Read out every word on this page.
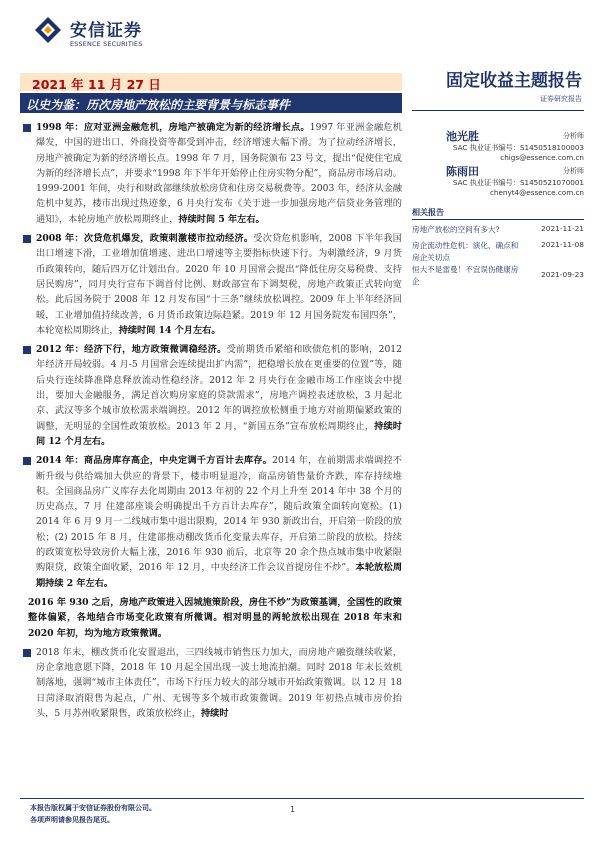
安信证券
ESSENCE SECURITIES
2021 年 11 月 27 日
以史为鉴：历次房地产放松的主要背景与标志事件
固定收益主题报告
证券研究报告
1998 年：应对亚洲金融危机，房地产被确定为新的经济增长点。1997 年亚洲金融危机爆发，中国的进出口、外商投资等都受到冲击，经济增速大幅下滑。为了拉动经济增长，房地产被确定为新的经济增长点。1998 年 7 月，国务院颁布 23 号文，提出“促使住宅成为新的经济增长点”，并要求“1998 年下半年开始停止住房实物分配”，商品房市场启动。1999-2001 年间，央行和财政部继续放松房贷和住房交易税费等。2003 年，经济从金融危机中复苏，楼市出现过热迹象，6 月央行发布《关于进一步加强房地产信贷业务管理的通知》，本轮房地产放松周期终止，持续时间 5 年左右。
2008 年：次贷危机爆发，政策刺激楼市拉动经济。受次贷危机影响，2008 下半年我国出口增速下滑，工业增加值增速、进出口增速等主要指标快速下行。为刺激经济，9 月货币政策转向，随后四万亿计划出台。2020 年 10 月国常会提出“降低住房交易税费、支持居民购房”，同月央行宣布下调首付比例、财政部宣布下调契税，房地产政策正式转向宽松。此后国务院于 2008 年 12 月发布国“十三条”继续放松调控。2009 年上半年经济回暖，工业增加值持续改善，6 月货币政策边际趋紧。2019 年 12 月国务院发布国四条”，本轮宽松周期终止，持续时间 14 个月左右。
2012 年：经济下行，地方政策微调稳经济。受前期货币紧缩和欧债危机的影响，2012 年经济开局较弱。4 月-5 月国常会连续提出扩内需”，把稳增长放在更重要的位置”等，随后央行连续降准降息释放流动性稳经济。2012 年 2 月央行在金融市场工作座谈会中提出，要加大金融服务，满足首次购房家庭的贷款需求”，房地产调控表述放松，3 月起北京、武汉等多个城市放松需求端调控。2012 年的调控放松侧重于地方对前期偏紧政策的调整，无明显的全国性政策放松。2013 年 2 月，“新国五条”宣布放松周期终止，持续时间 12 个月左右。
2014 年：商品房库存高企，中央定调千方百计去库存。2014 年，在前期需求端调控不断升级与供给端加大供应的背景下，楼市明显退冷，商品房销售量价齐跌，库存持续堆积。全国商品房广义库存去化周期由 2013 年初的 22 个月上升至 2014 年中 38 个月的历史高点，7 月 住建部座谈会明确提出千方百计去库存”，随后政策全面转向宽松。(1) 2014 年 6 月 9 月一二线城市集中退出限购，2014 年 930 新政出台，开启第一阶段的放松；(2) 2015 年 8 月，住建部推动棚改货币化变量去库存，开启第二阶段的放松。持续的政策宽松导致房价大幅上涨，2016 年 930 前后，北京等 20 余个热点城市集中收紧限购限贷，政策全面收紧，2016 年 12 月，中央经济工作会议首提房住不炒”。本轮放松周期持续 2 年左右。
2016 年 930 之后，房地产政策进入因城施策阶段，房住不炒”为政策基调，全国性的政策整体偏紧，各地结合市场变化政策有所微调。相对明显的两轮放松出现在 2018 年末和 2020 年初，均为地方政策微调。
2018 年末，棚改货币化安置退出，三四线城市销售压力加大，而房地产融资继续收紧，房企拿地意愿下降，2018 年 10 月起全国出现一波土地流拍潮。同时 2018 年末长效机制落地，强调“城市主体责任”，市场下行压力较大的部分城市开始政策微调。以 12 月 18 日菏泽取消限售为起点，广州、无锡等多个城市政策微调。2019 年初热点城市房价抬头，5 月苏州收紧限售，政策放松终止，持续时
池光胜	分析师
SAC 执业证书编号：S1450518100003
chigs@essence.com.cn
陈雨田	分析师
SAC 执业证书编号：S1450521070001
chenyt4@essence.com.cn
相关报告
房地产放松的空间有多大?	2021-11-21
房企流动性危机：演化、确点和房企关切点
2021-11-08
恒大不是雷曼！不宜误伤健康房企
2021-09-23
本报告版权属于安信证券股份有限公司。
各项声明请参见报告尾页。
1
